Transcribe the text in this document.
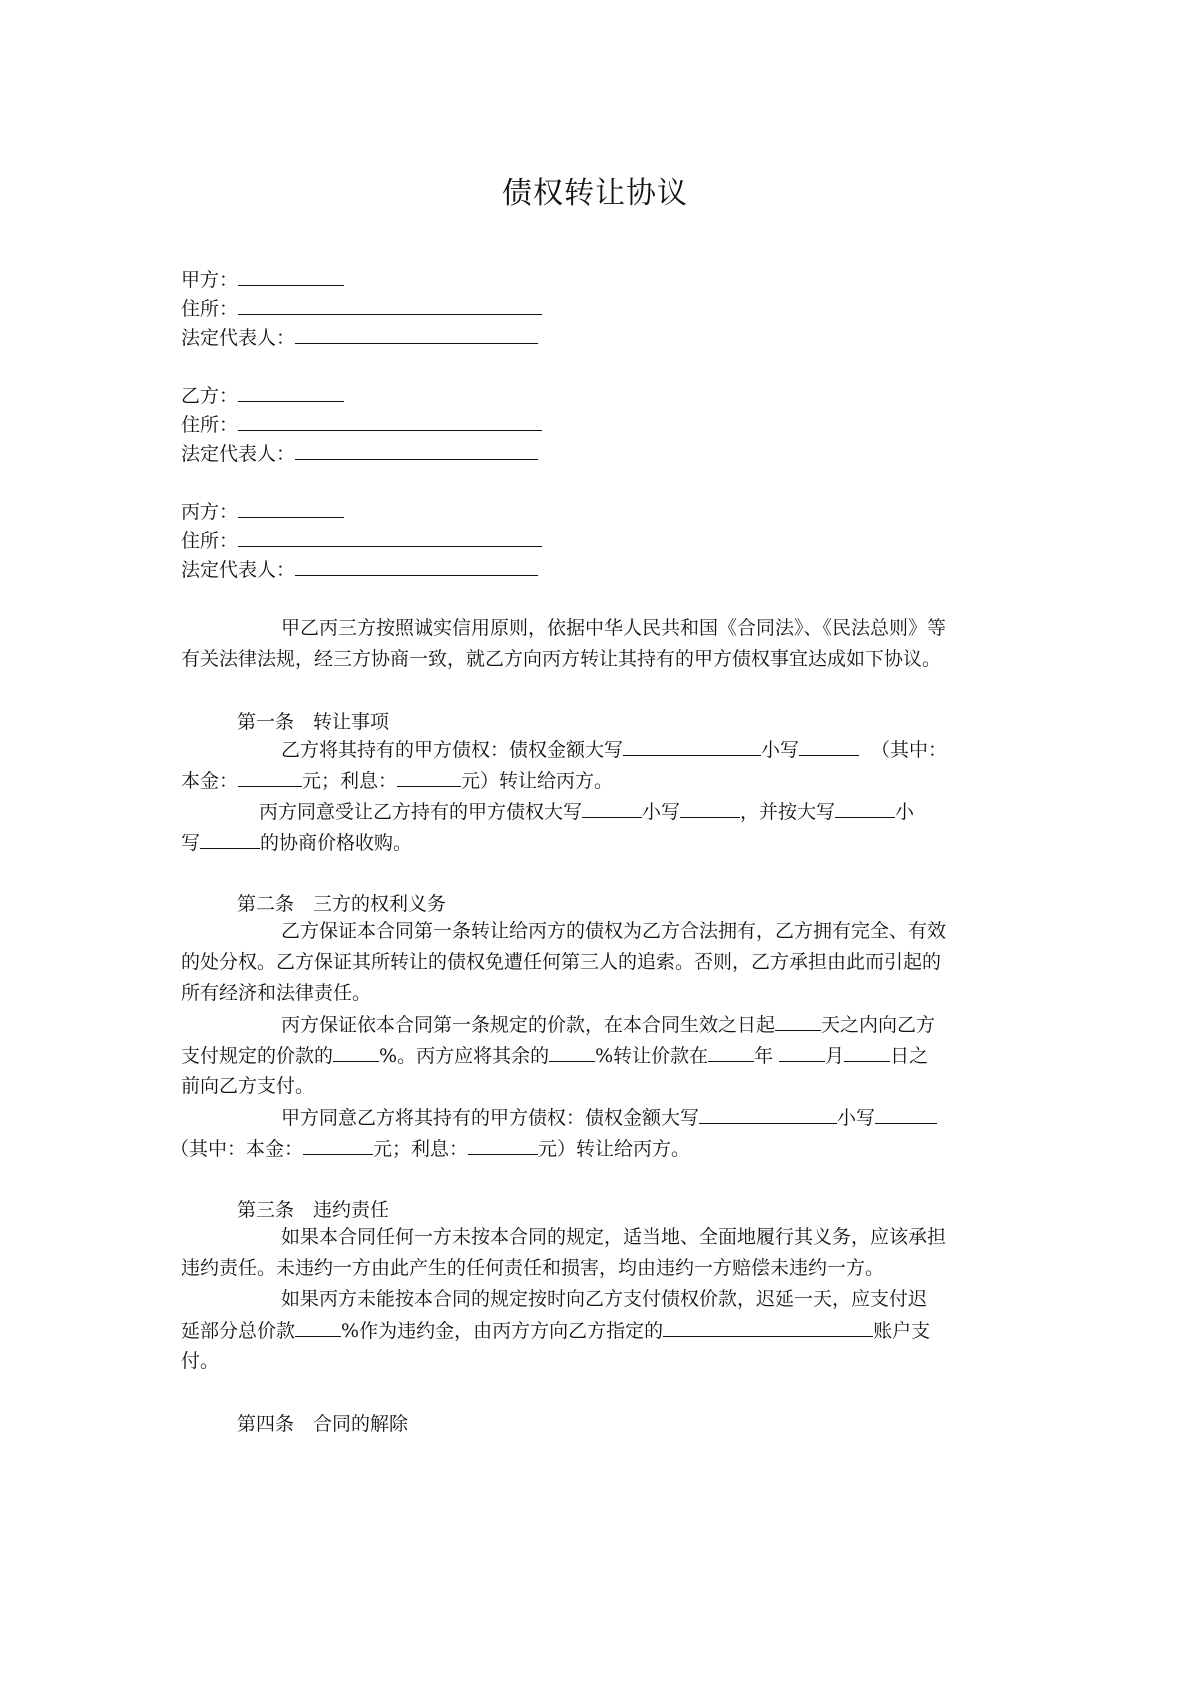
债权转让协议
甲方：
住所：
法定代表人：
乙方：
住所：
法定代表人：
丙方：
住所：
法定代表人：
甲乙丙三方按照诚实信用原则，依据中华人民共和国《合同法》、《民法总则》等
有关法律法规，经三方协商一致，就乙方向丙方转让其持有的甲方债权事宜达成如下协议。
第一条　转让事项
乙方将其持有的甲方债权：债权金额大写	小写	（其中：
本金：	元；利息：	元）转让给丙方。
丙方同意受让乙方持有的甲方债权大写	小写	，并按大写	小
写	的协商价格收购。
第二条　三方的权利义务
乙方保证本合同第一条转让给丙方的债权为乙方合法拥有，乙方拥有完全、有效
的处分权。乙方保证其所转让的债权免遭任何第三人的追索。否则，乙方承担由此而引起的
所有经济和法律责任。
丙方保证依本合同第一条规定的价款，在本合同生效之日起 天之内向乙方
支付规定的价款的 %。丙方应将其余的 %转让价款在 年	月 日之
前向乙方支付。
甲方同意乙方将其持有的甲方债权：债权金额大写	小写
（其中：本金：	元；利息：	元）转让给丙方。
第三条　违约责任
如果本合同任何一方未按本合同的规定，适当地、全面地履行其义务，应该承担
违约责任。未违约一方由此产生的任何责任和损害，均由违约一方赔偿未违约一方。
如果丙方未能按本合同的规定按时向乙方支付债权价款，迟延一天，应支付迟
延部分总价款 %作为违约金，由丙方方向乙方指定的	账户支
付。
第四条　合同的解除
